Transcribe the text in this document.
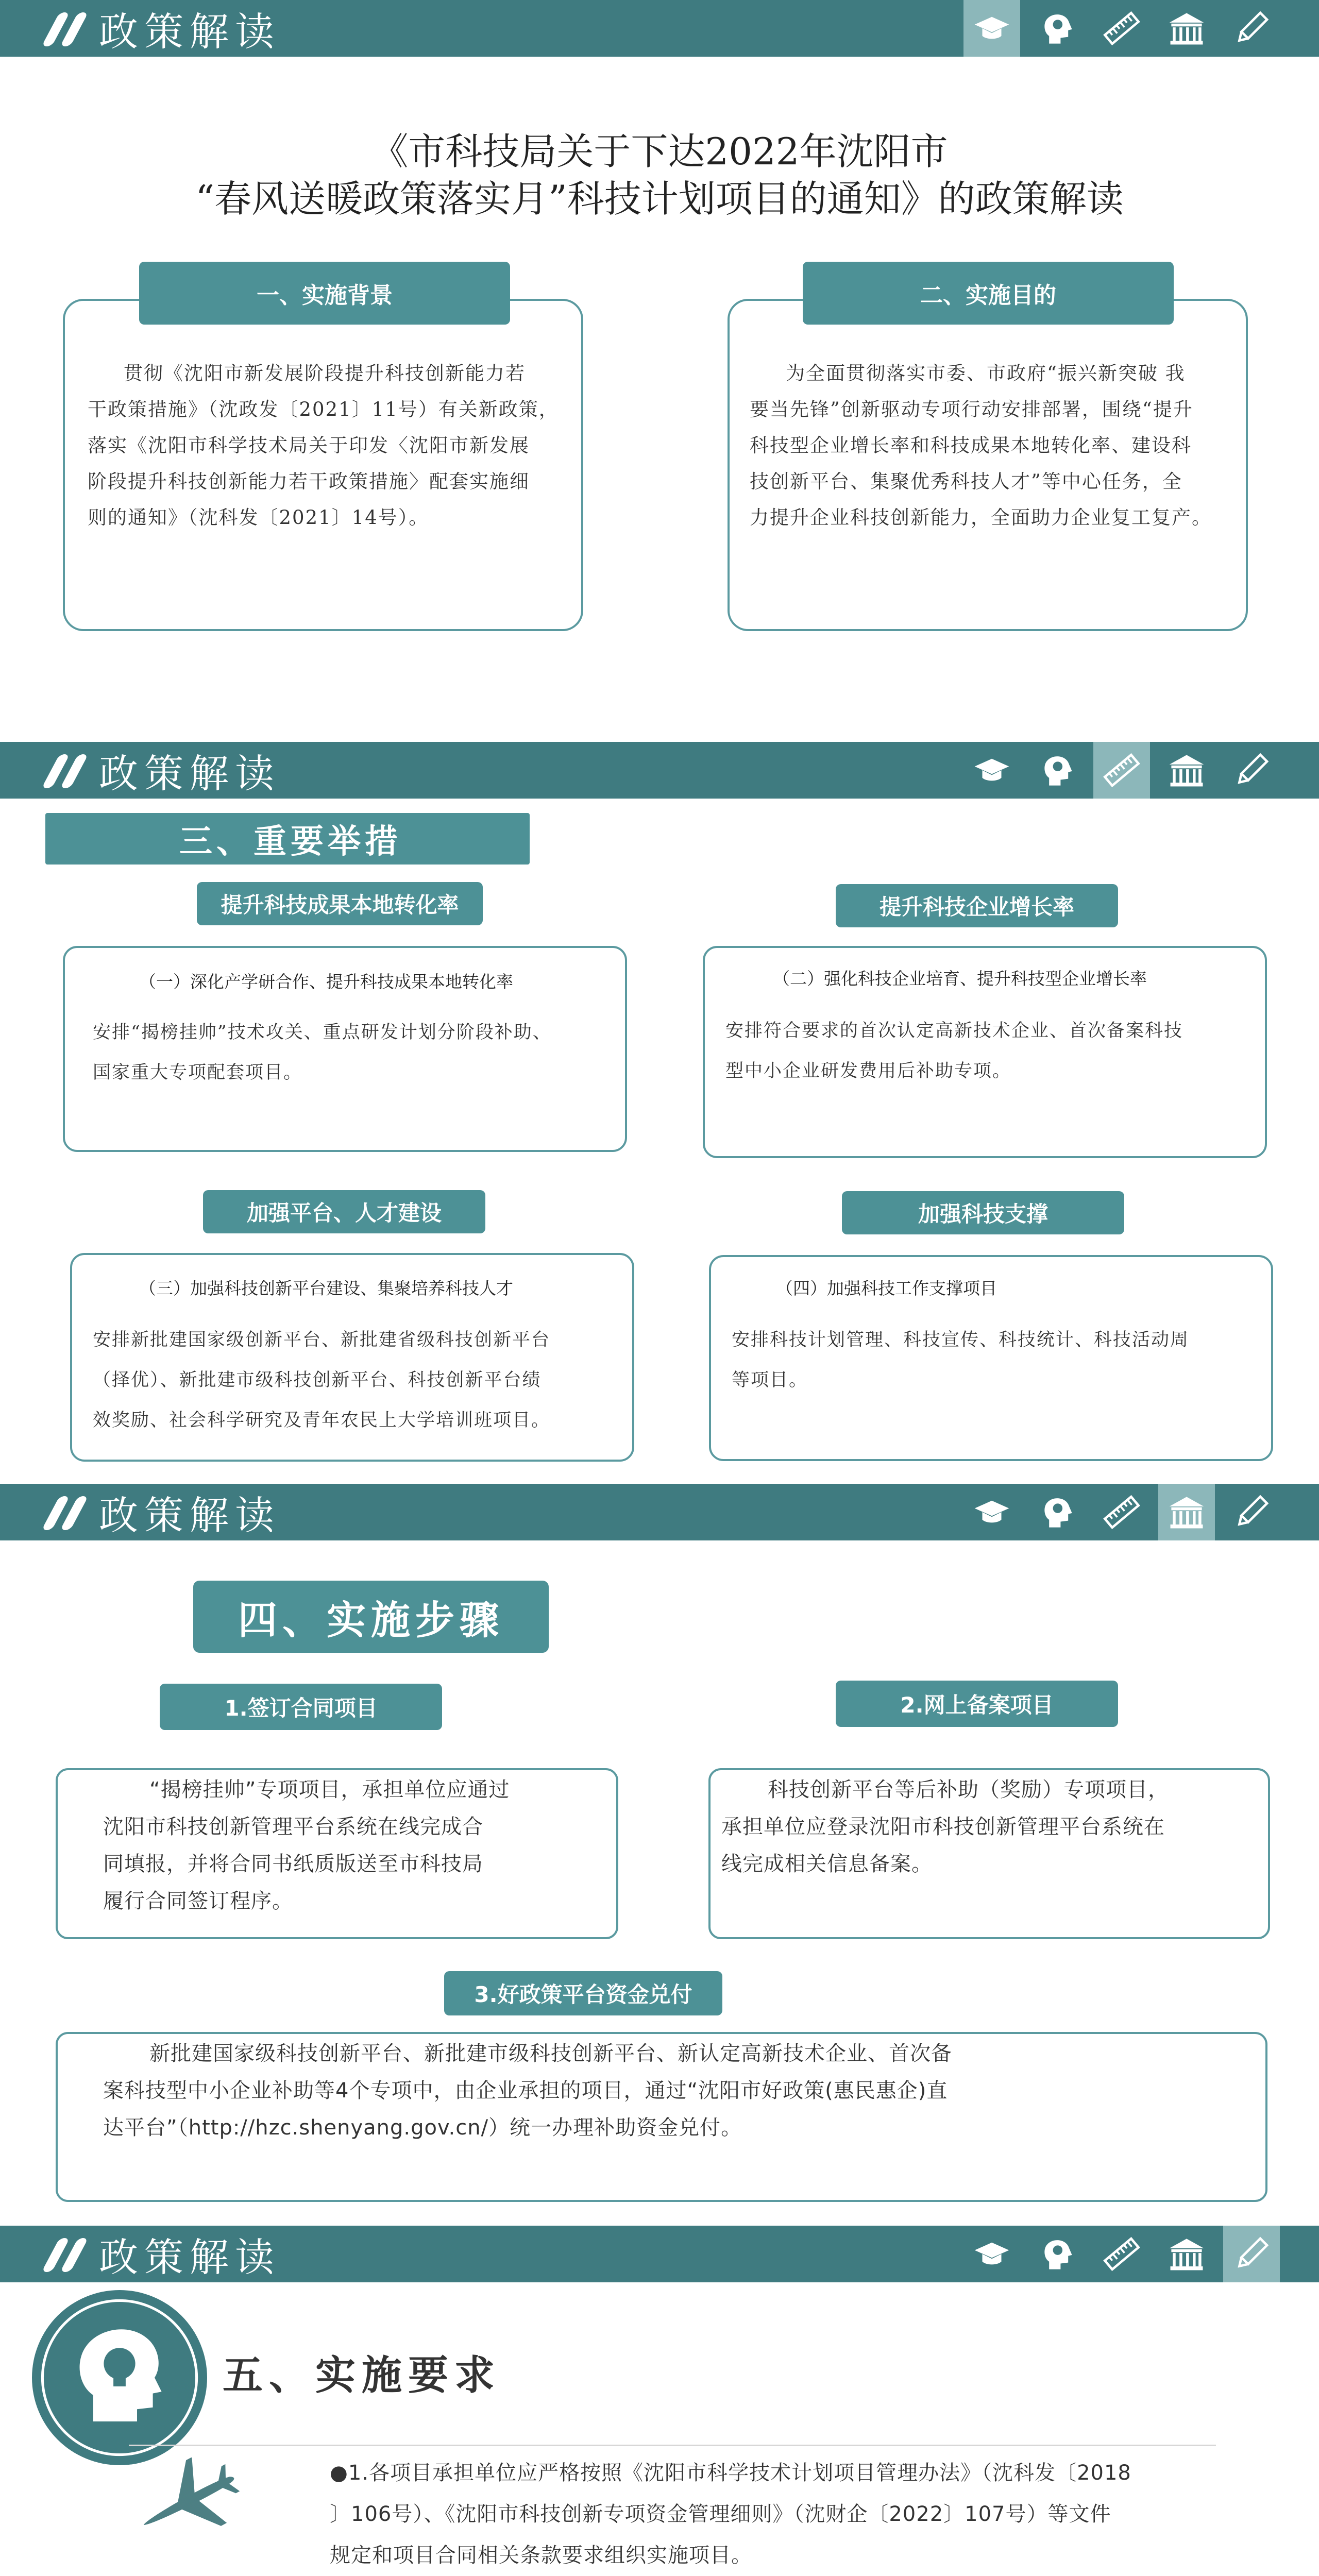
政策解读
政策解读
政策解读
政策解读
《市科技局关于下达2022年沈阳市
“春风送暖政策落实月”科技计划项目的通知》的政策解读
一、实施背景
贯彻《沈阳市新发展阶段提升科技创新能力若
干政策措施》（沈政发〔2021〕11号）有关新政策，
落实《沈阳市科学技术局关于印发〈沈阳市新发展
阶段提升科技创新能力若干政策措施〉配套实施细
则的通知》（沈科发〔2021〕14号）。
二、实施目的
为全面贯彻落实市委、市政府“振兴新突破 我
要当先锋”创新驱动专项行动安排部署，围绕“提升
科技型企业增长率和科技成果本地转化率、建设科
技创新平台、集聚优秀科技人才”等中心任务，全
力提升企业科技创新能力，全面助力企业复工复产。
三、重要举措
提升科技成果本地转化率
（一）深化产学研合作、提升科技成果本地转化率
安排“揭榜挂帅”技术攻关、重点研发计划分阶段补助、
国家重大专项配套项目。
提升科技企业增长率
（二）强化科技企业培育、提升科技型企业增长率
安排符合要求的首次认定高新技术企业、首次备案科技
型中小企业研发费用后补助专项。
加强平台、人才建设
（三）加强科技创新平台建设、集聚培养科技人才
安排新批建国家级创新平台、新批建省级科技创新平台
（择优）、新批建市级科技创新平台、科技创新平台绩
效奖励、社会科学研究及青年农民上大学培训班项目。
加强科技支撑
（四）加强科技工作支撑项目
安排科技计划管理、科技宣传、科技统计、科技活动周
等项目。
四、实施步骤
1.签订合同项目
“揭榜挂帅”专项项目，承担单位应通过
沈阳市科技创新管理平台系统在线完成合
同填报，并将合同书纸质版送至市科技局
履行合同签订程序。
2.网上备案项目
科技创新平台等后补助（奖励）专项项目，
承担单位应登录沈阳市科技创新管理平台系统在
线完成相关信息备案。
3.好政策平台资金兑付
新批建国家级科技创新平台、新批建市级科技创新平台、新认定高新技术企业、首次备
案科技型中小企业补助等4个专项中，由企业承担的项目，通过“沈阳市好政策(惠民惠企)直
达平台”（http://hzc.shenyang.gov.cn/）统一办理补助资金兑付。
五、实施要求
●1.各项目承担单位应严格按照《沈阳市科学技术计划项目管理办法》（沈科发〔2018
〕106号）、《沈阳市科技创新专项资金管理细则》（沈财企〔2022〕107号）等文件
规定和项目合同相关条款要求组织实施项目。
